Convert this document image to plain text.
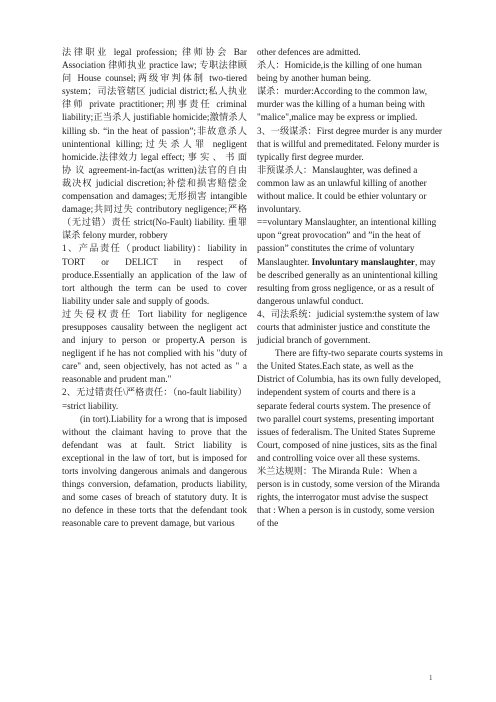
法律职业 legal profession; 律师协会 Bar Association 律师执业 practice law; 专职法律顾问 House counsel;两级审判体制 two-tiered system；司法管辖区 judicial district;私人执业律师 private practitioner;刑事责任 criminal liability;正当杀人 justifiable homicide;激情杀人 killing sb. “in the heat of passion”;非故意杀人 unintentional killing;过失杀人罪 negligent homicide.法律效力 legal effect; 事 实 、 书 面 协 议 agreement-in-fact(as written)法官的自由裁决权 judicial discretion;补偿和损害赔偿金 compensation and damages;无形损害 intangible damage;共同过失 contributory negligence;严格（无过错）责任 strict(No-Fault) liability. 重罪谋杀 felony murder, robbery

1、产品责任（product liability)：liability in TORT or DELICT in respect of produce.Essentially an application of the law of tort although the term can be used to cover liability under sale and supply of goods.

过失侵权责任 Tort liability for negligence presupposes causality between the negligent act and injury to person or property.A person is negligent if he has not complied with his "duty of care" and, seen objectively, has not acted as " a reasonable and prudent man."

2、无过错责任\严格责任：（no-fault liability）=strict liability.

(in tort).Liability for a wrong that is imposed without the claimant having to prove that the defendant was at fault. Strict liability is exceptional in the law of tort, but is imposed for torts involving dangerous animals and dangerous things conversion, defamation, products liability, and some cases of breach of statutory duty. It is no defence in these torts that the defendant took reasonable care to prevent damage, but various

other defences are admitted.

杀人：Homicide,is the killing of one human being by another human being.

谋杀：murder:According to the common law, murder was the killing of a human being with "malice",malice may be express or implied.

3、一级谋杀：First degree murder is any murder that is willful and premeditated. Felony murder is typically first degree murder.

非预谋杀人：Manslaughter, was defined a common law as an unlawful killing of another without malice. It could be ethier voluntary or involuntary.

==voluntary Manslaughter, an intentional killing upon “great provocation” and ”in the heat of passion” constitutes the crime of voluntary Manslaughter. Involuntary manslaughter, may be described generally as an unintentional killing resulting from gross negligence, or as a result of dangerous unlawful conduct.

4、司法系统：judicial system:the system of law courts that administer justice and constitute the judicial branch of government.

There are fifty-two separate courts systems in the United States.Each state, as well as the District of Columbia, has its own fully developed, independent system of courts and there is a separate federal courts system. The presence of two parallel court systems, presenting important issues of federalism. The United States Supreme Court, composed of nine justices, sits as the final and controlling voice over all these systems.

米兰达规则：The Miranda Rule：When a person is in custody, some version of the Miranda rights, the interrogator must advise the suspect that : When a person is in custody, some version of the

1
